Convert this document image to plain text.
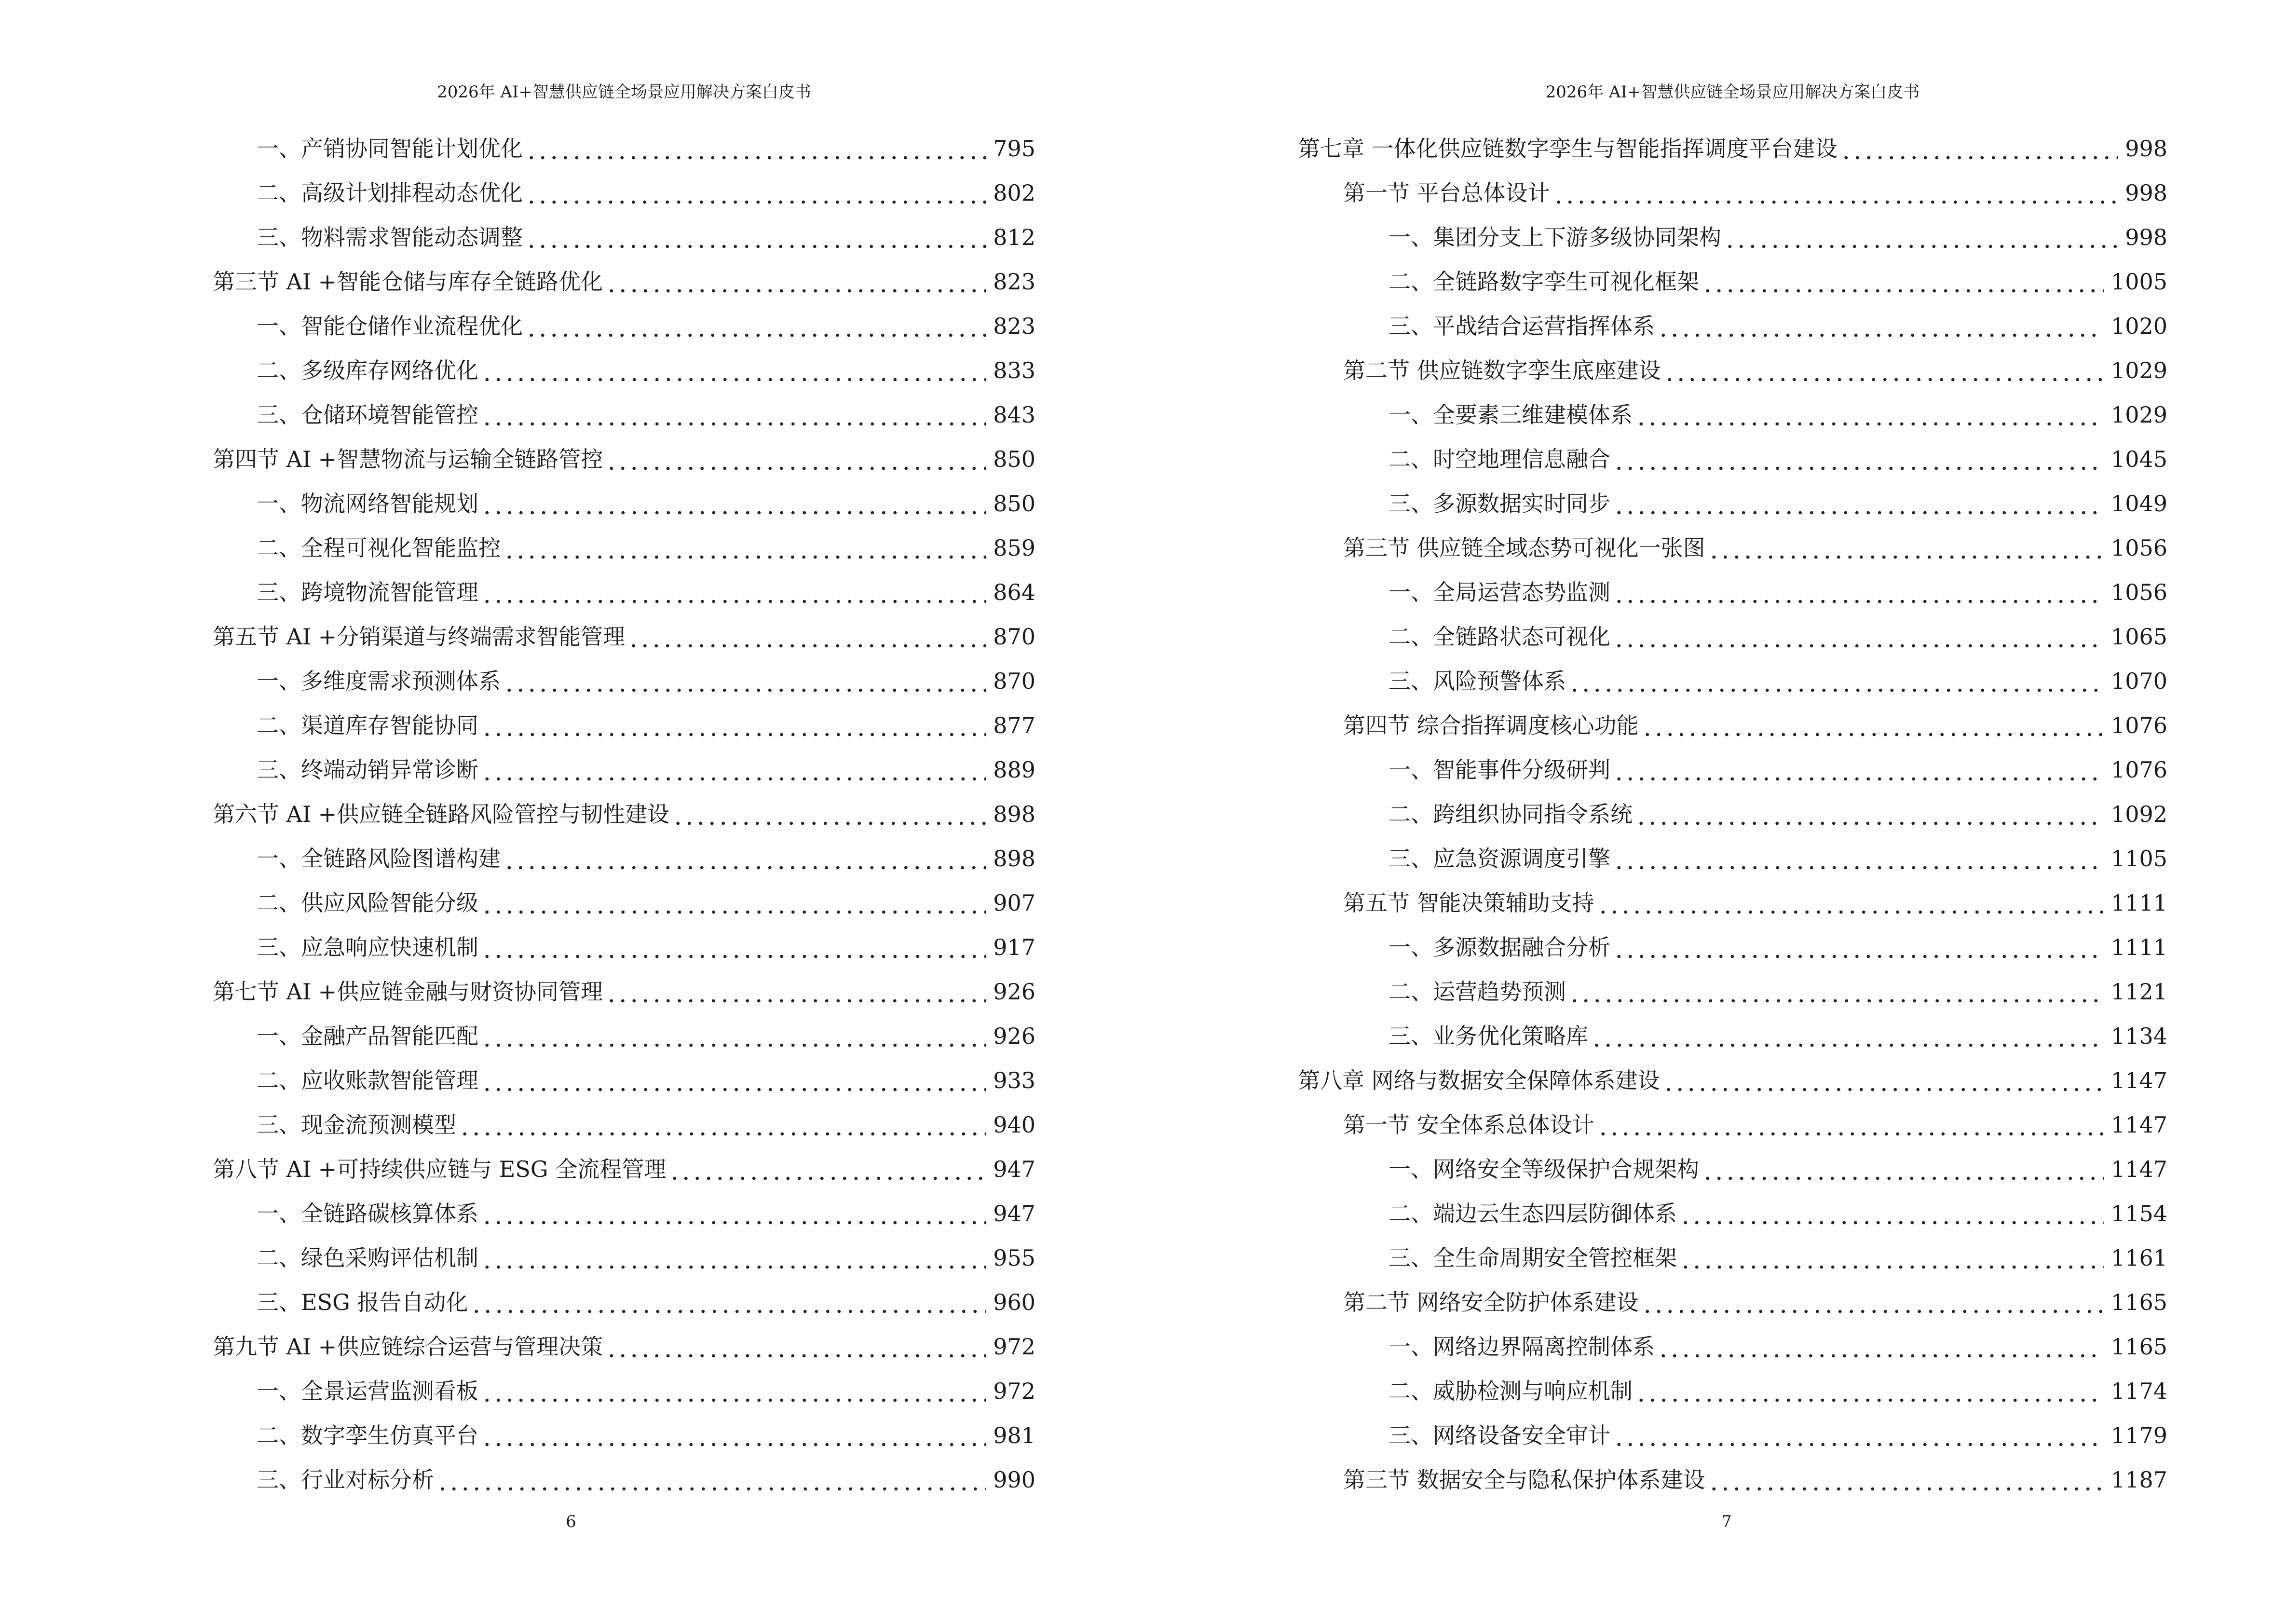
2026年 AI+智慧供应链全场景应用解决方案白皮书
一、产销协同智能计划优化	795
二、高级计划排程动态优化	802
三、物料需求智能动态调整	812
第三节 AI +智能仓储与库存全链路优化	823
一、智能仓储作业流程优化	823
二、多级库存网络优化	833
三、仓储环境智能管控	843
第四节 AI +智慧物流与运输全链路管控	850
一、物流网络智能规划	850
二、全程可视化智能监控	859
三、跨境物流智能管理	864
第五节 AI +分销渠道与终端需求智能管理	870
一、多维度需求预测体系	870
二、渠道库存智能协同	877
三、终端动销异常诊断	889
第六节 AI +供应链全链路风险管控与韧性建设	898
一、全链路风险图谱构建	898
二、供应风险智能分级	907
三、应急响应快速机制	917
第七节 AI +供应链金融与财资协同管理	926
一、金融产品智能匹配	926
二、应收账款智能管理	933
三、现金流预测模型	940
第八节 AI +可持续供应链与 ESG 全流程管理	947
一、全链路碳核算体系	947
二、绿色采购评估机制	955
三、ESG 报告自动化	960
第九节 AI +供应链综合运营与管理决策	972
一、全景运营监测看板	972
二、数字孪生仿真平台	981
三、行业对标分析	990
6
2026年 AI+智慧供应链全场景应用解决方案白皮书
第七章 一体化供应链数字孪生与智能指挥调度平台建设	998
第一节 平台总体设计	998
一、集团分支上下游多级协同架构	998
二、全链路数字孪生可视化框架	1005
三、平战结合运营指挥体系	1020
第二节 供应链数字孪生底座建设	1029
一、全要素三维建模体系	1029
二、时空地理信息融合	1045
三、多源数据实时同步	1049
第三节 供应链全域态势可视化一张图	1056
一、全局运营态势监测	1056
二、全链路状态可视化	1065
三、风险预警体系	1070
第四节 综合指挥调度核心功能	1076
一、智能事件分级研判	1076
二、跨组织协同指令系统	1092
三、应急资源调度引擎	1105
第五节 智能决策辅助支持	1111
一、多源数据融合分析	1111
二、运营趋势预测	1121
三、业务优化策略库	1134
第八章 网络与数据安全保障体系建设	1147
第一节 安全体系总体设计	1147
一、网络安全等级保护合规架构	1147
二、端边云生态四层防御体系	1154
三、全生命周期安全管控框架	1161
第二节 网络安全防护体系建设	1165
一、网络边界隔离控制体系	1165
二、威胁检测与响应机制	1174
三、网络设备安全审计	1179
第三节 数据安全与隐私保护体系建设	1187
7
